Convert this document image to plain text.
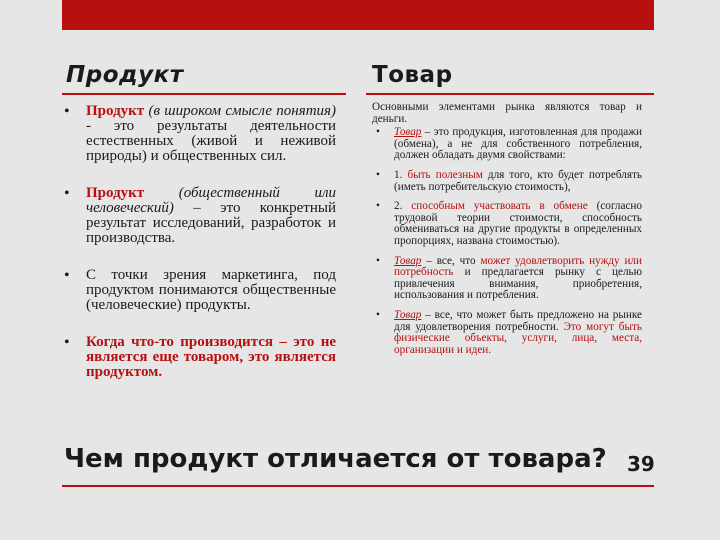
Продукт	Товар
• Продукт (в широком смысле понятия) - это результаты деятельности естественных (живой и неживой природы) и общественных сил.
• Продукт (общественный или человеческий) – это конкретный результат исследований, разработок и производства.
• С точки зрения маркетинга, под продуктом понимаются общественные (человеческие) продукты.
• Когда что-то производится – это не является еще товаром, это является продуктом.

Основными элементами рынка являются товар и деньги.

• Товар – это продукция, изготовленная для продажи (обмена), а не для собственного потребления, должен обладать двумя свойствами:
• 1. быть полезным для того, кто будет потреблять (иметь потребительскую стоимость),
• 2. способным участвовать в обмене (согласно трудовой теории стоимости, способность обмениваться на другие продукты в определенных пропорциях, названа стоимостью).
• Товар – все, что может удовлетворить нужду или потребность и предлагается рынку с целью привлечения внимания, приобретения, использования и потребления.
• Товар – все, что может быть предложено на рынке для удовлетворения потребности. Это могут быть физические объекты, услуги, лица, места, организации и идеи.
Чем продукт отличается от товара? 39
